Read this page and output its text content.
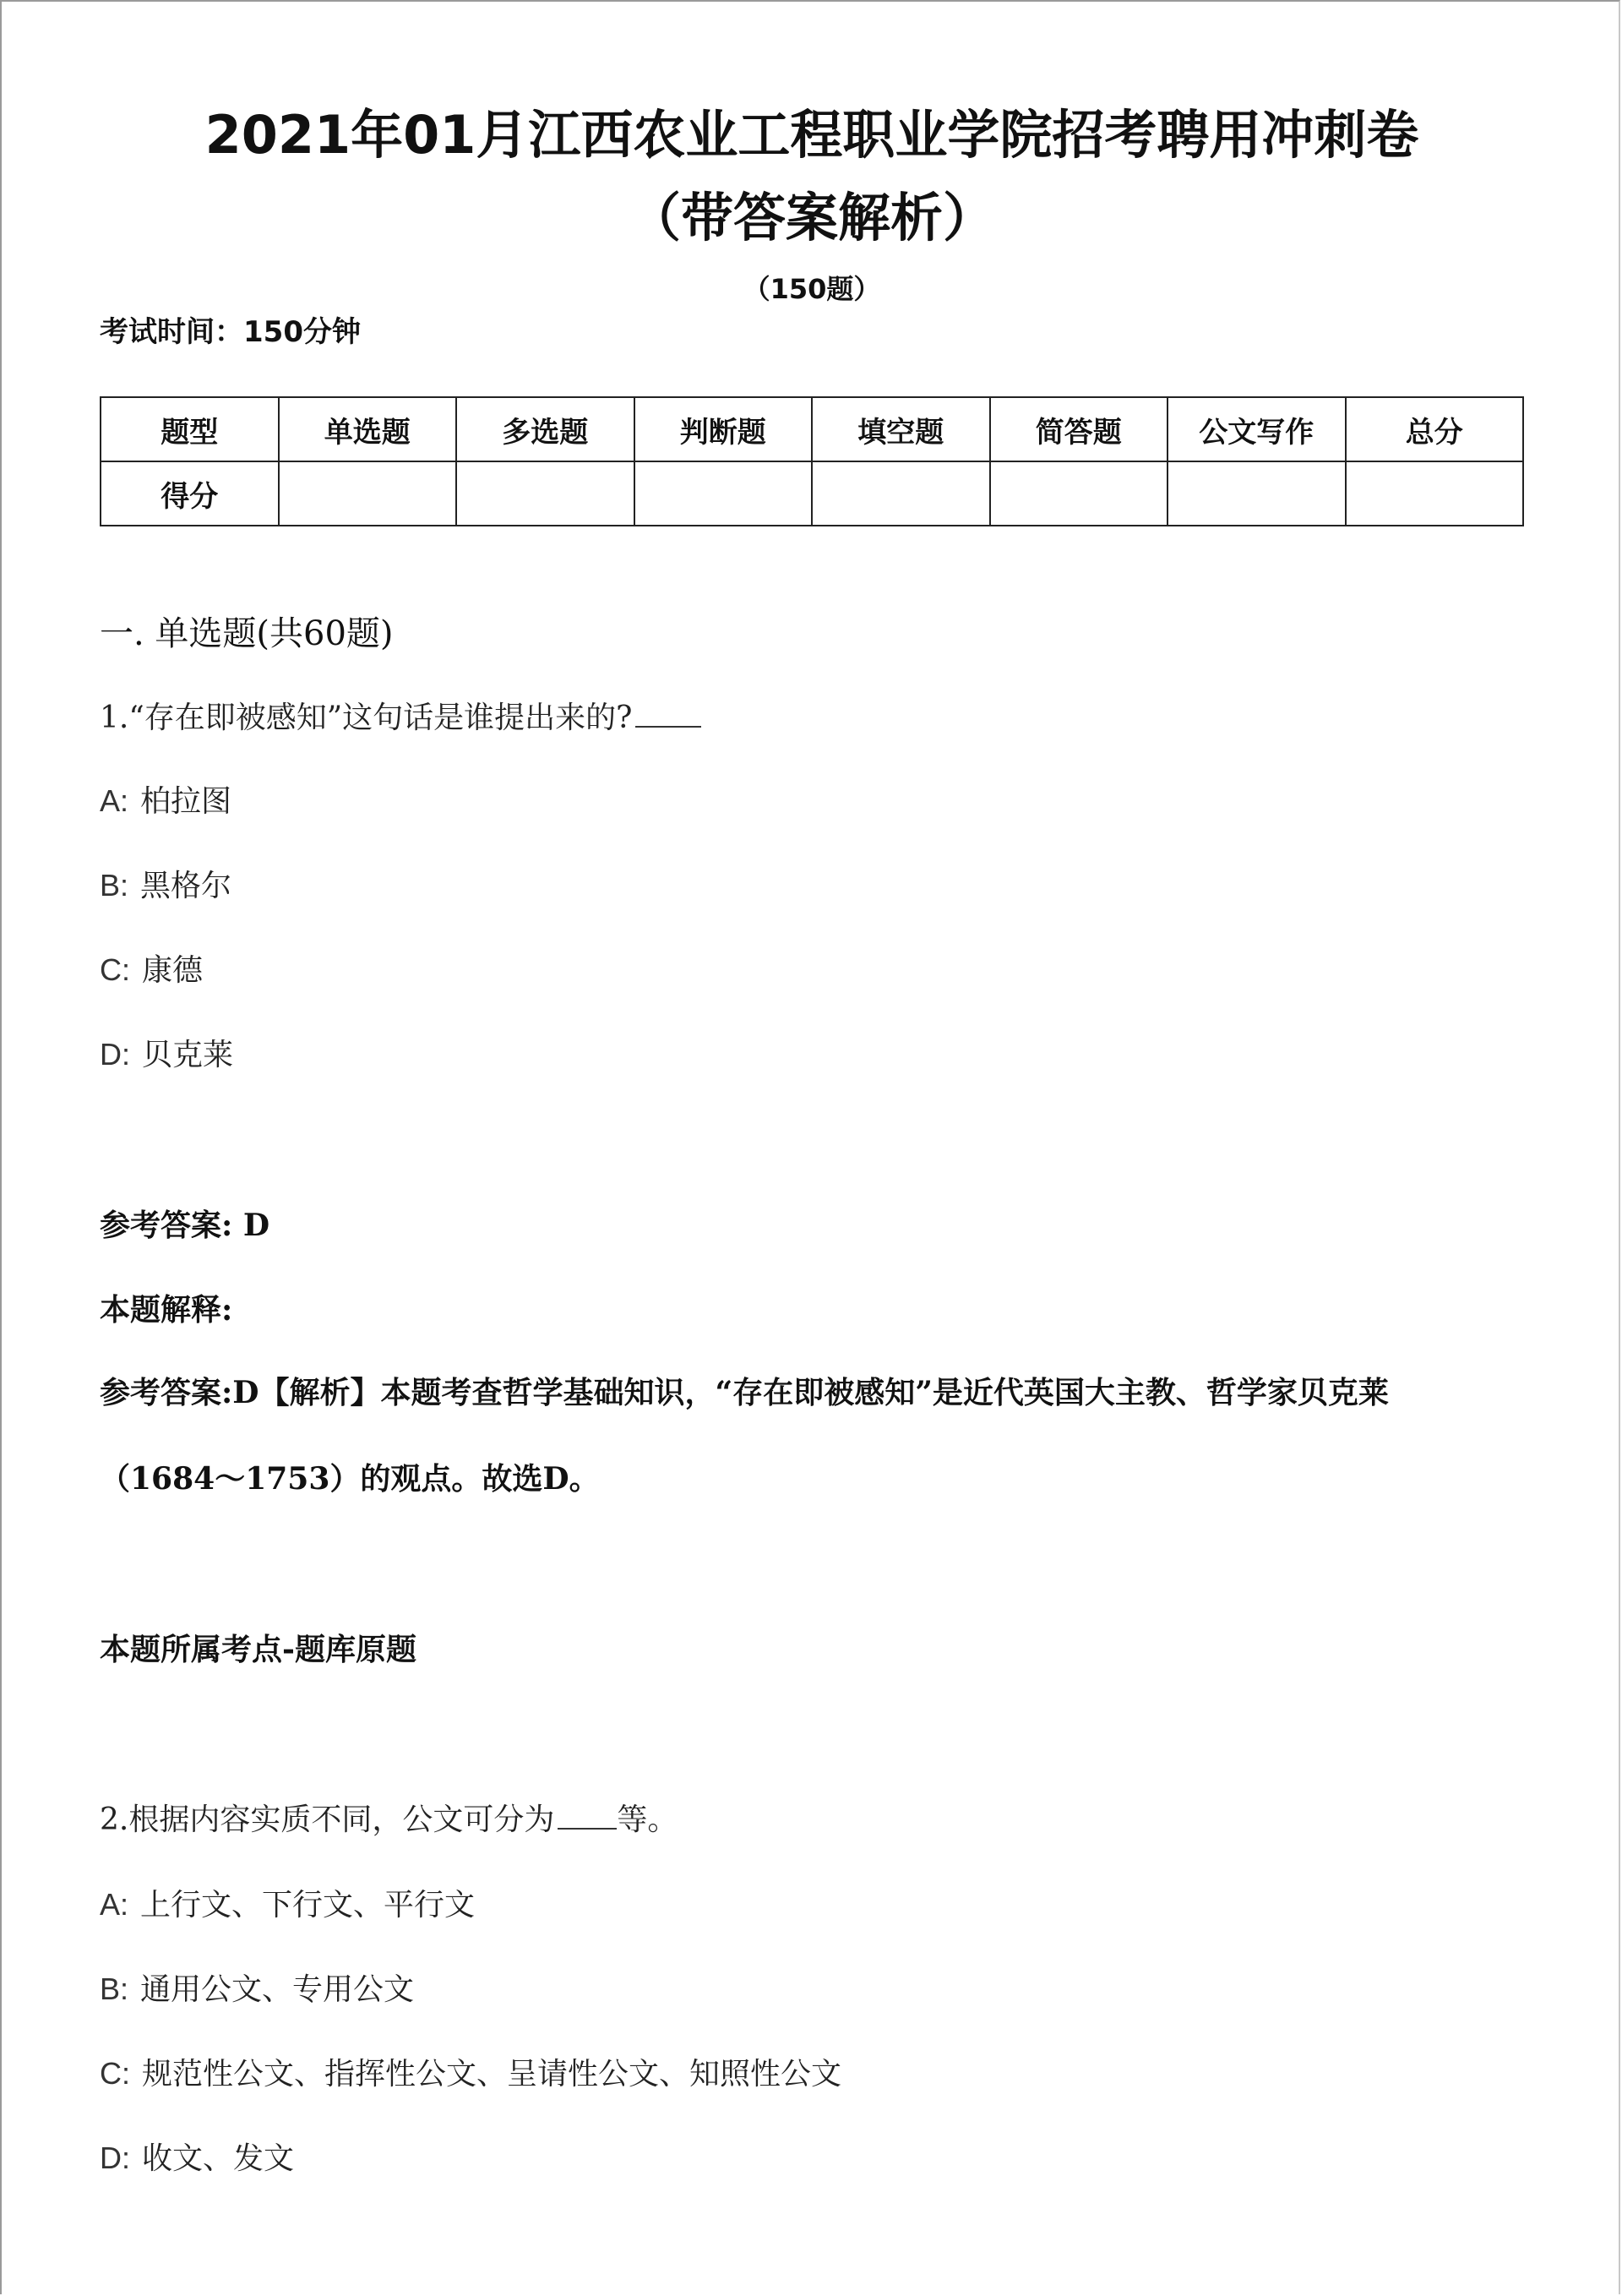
2021年01月江西农业工程职业学院招考聘用冲刺卷
（带答案解析）
（150题）
考试时间：150分钟
题型	单选题	多选题	判断题	填空题	简答题	公文写作	总分
得分							
一. 单选题(共60题)
1.“存在即被感知”这句话是谁提出来的?
A: 柏拉图
B: 黑格尔
C: 康德
D: 贝克莱
参考答案: D
本题解释:
参考答案:D【解析】本题考查哲学基础知识，“存在即被感知”是近代英国大主教、哲学家贝克莱
（1684～1753）的观点。故选D。
本题所属考点-题库原题
2.根据内容实质不同，公文可分为 等。
A: 上行文、下行文、平行文
B: 通用公文、专用公文
C: 规范性公文、指挥性公文、呈请性公文、知照性公文
D: 收文、发文
